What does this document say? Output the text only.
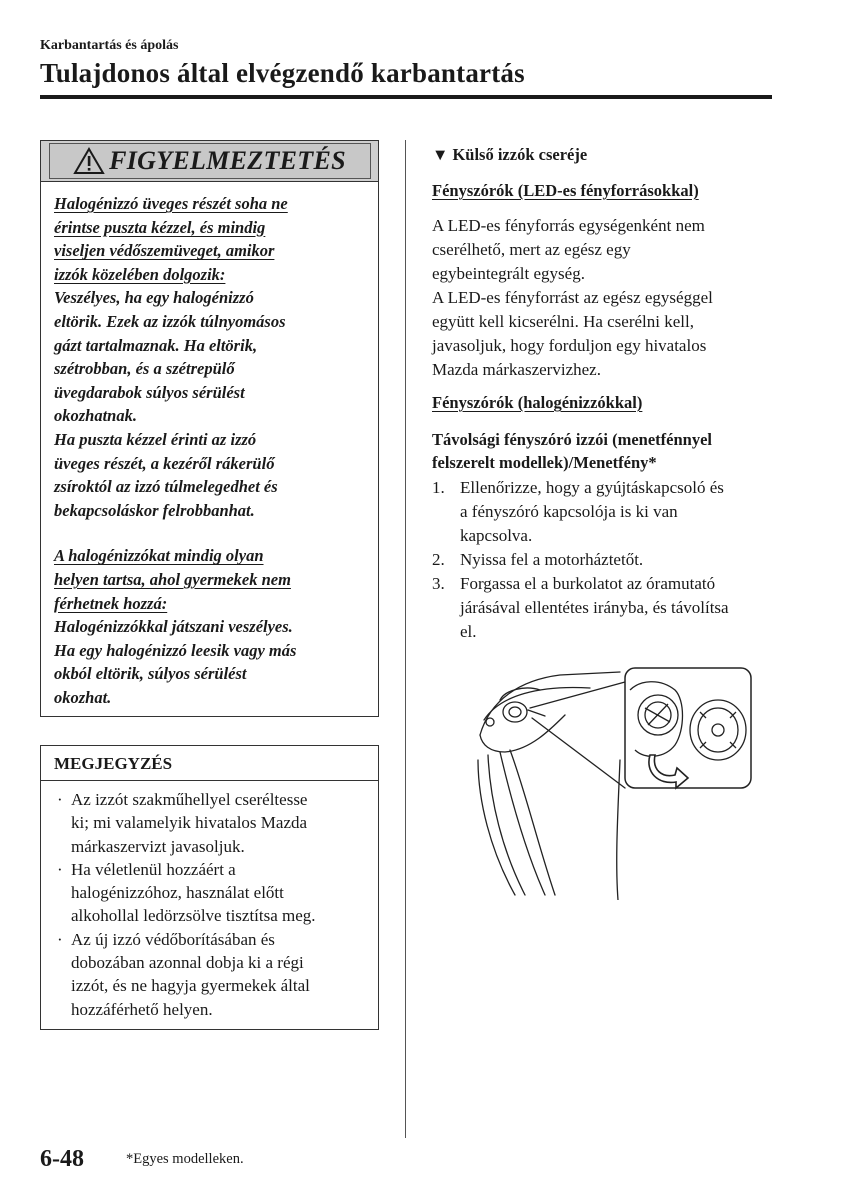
Karbantartás és ápolás
Tulajdonos által elvégzendő karbantartás
FIGYELMEZTETÉS

Halogénizzó üveges részét soha ne

érintse puszta kézzel, és mindig

viseljen védőszemüveget, amikor

izzók közelében dolgozik:

Veszélyes, ha egy halogénizzó

eltörik. Ezek az izzók túlnyomásos

gázt tartalmaznak. Ha eltörik,

szétrobban, és a szétrepülő

üvegdarabok súlyos sérülést

okozhatnak.

Ha puszta kézzel érinti az izzó

üveges részét, a kezéről rákerülő

zsíroktól az izzó túlmelegedhet és

bekapcsoláskor felrobbanhat.

A halogénizzókat mindig olyan

helyen tartsa, ahol gyermekek nem

férhetnek hozzá:

Halogénizzókkal játszani veszélyes.

Ha egy halogénizzó leesik vagy más

okból eltörik, súlyos sérülést

okozhat.

MEGJEGYZÉS
· Az izzót szakműhellyel cseréltesse
ki; mi valamelyik hivatalos Mazda
márkaszervizt javasoljuk.
· Ha véletlenül hozzáért a
halogénizzóhoz, használat előtt
alkohollal ledörzsölve tisztítsa meg.
· Az új izzó védőborításában és
dobozában azonnal dobja ki a régi
izzót, és ne hagyja gyermekek által
hozzáférhető helyen.
▼ Külső izzók cseréje
Fényszórók (LED-es fényforrásokkal)
A LED-es fényforrás egységenként nem
cserélhető, mert az egész egy
egybeintegrált egység.
A LED-es fényforrást az egész egységgel
együtt kell kicserélni. Ha cserélni kell,
javasoljuk, hogy forduljon egy hivatalos
Mazda márkaszervizhez.
Fényszórók (halogénizzókkal)
Távolsági fényszóró izzói (menetfénnyel
felszerelt modellek)/Menetfény*
1. Ellenőrizze, hogy a gyújtáskapcsoló és
a fényszóró kapcsolója is ki van
kapcsolva.
2. Nyissa fel a motorháztetőt.
3. Forgassa el a burkolatot az óramutató
járásával ellentétes irányba, és távolítsa
el.
6-48	*Egyes modelleken.
